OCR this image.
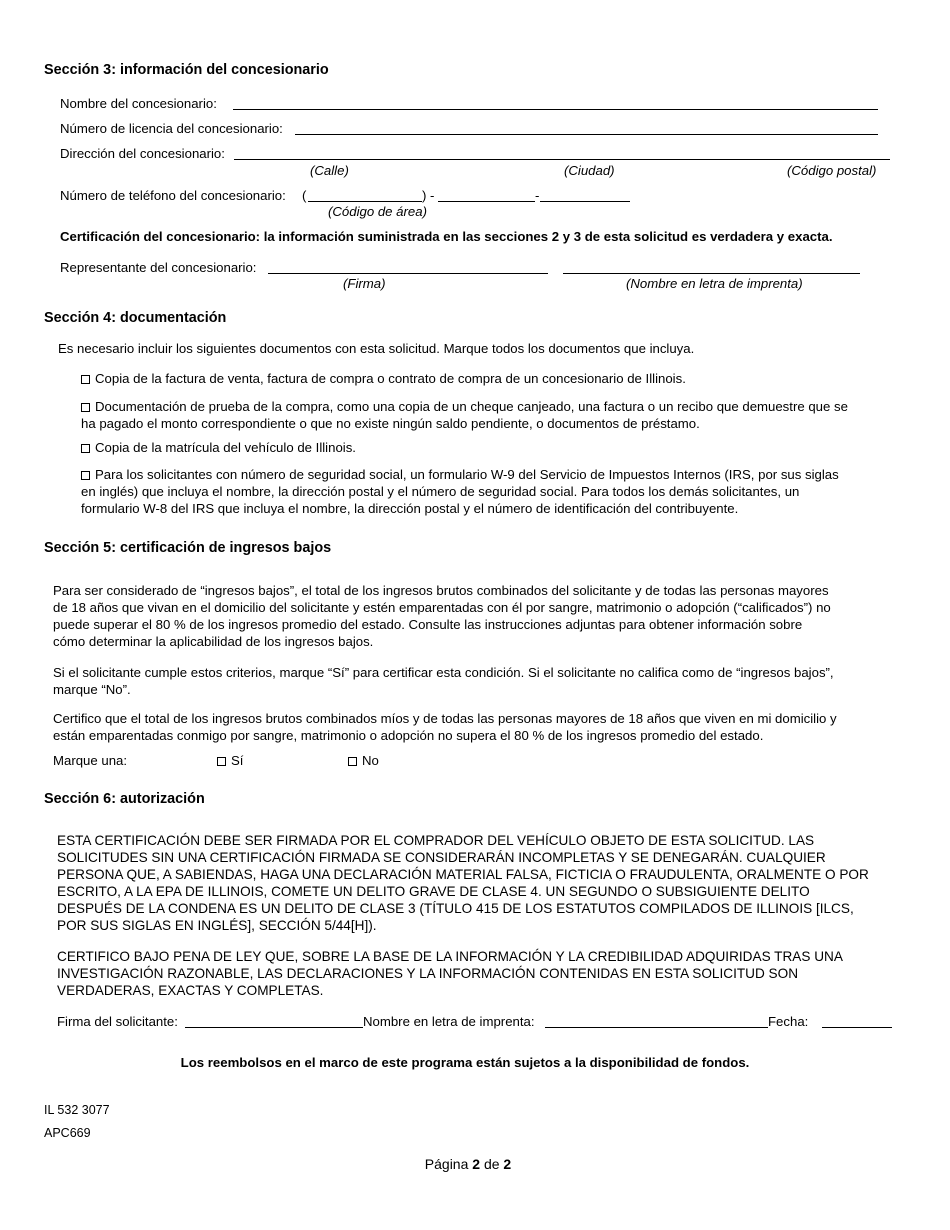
Sección 3: información del concesionario
Nombre del concesionario:
Número de licencia del concesionario:
Dirección del concesionario:
(Calle)	(Ciudad)	(Código postal)
Número de teléfono del concesionario: (	) -	-
(Código de área)
Certificación del concesionario: la información suministrada en las secciones 2 y 3 de esta solicitud es verdadera y exacta.
Representante del concesionario:
(Firma)	(Nombre en letra de imprenta)
Sección 4: documentación
Es necesario incluir los siguientes documentos con esta solicitud. Marque todos los documentos que incluya.
Copia de la factura de venta, factura de compra o contrato de compra de un concesionario de Illinois.
Documentación de prueba de la compra, como una copia de un cheque canjeado, una factura o un recibo que demuestre que se
ha pagado el monto correspondiente o que no existe ningún saldo pendiente, o documentos de préstamo.
Copia de la matrícula del vehículo de Illinois.
Para los solicitantes con número de seguridad social, un formulario W-9 del Servicio de Impuestos Internos (IRS, por sus siglas
en inglés) que incluya el nombre, la dirección postal y el número de seguridad social. Para todos los demás solicitantes, un
formulario W-8 del IRS que incluya el nombre, la dirección postal y el número de identificación del contribuyente.
Sección 5: certificación de ingresos bajos
Para ser considerado de “ingresos bajos”, el total de los ingresos brutos combinados del solicitante y de todas las personas mayores
de 18 años que vivan en el domicilio del solicitante y estén emparentadas con él por sangre, matrimonio o adopción (“calificados”) no
puede superar el 80 % de los ingresos promedio del estado. Consulte las instrucciones adjuntas para obtener información sobre
cómo determinar la aplicabilidad de los ingresos bajos.
Si el solicitante cumple estos criterios, marque “Sí” para certificar esta condición. Si el solicitante no califica como de “ingresos bajos”,
marque “No”.
Certifico que el total de los ingresos brutos combinados míos y de todas las personas mayores de 18 años que viven en mi domicilio y
están emparentadas conmigo por sangre, matrimonio o adopción no supera el 80 % de los ingresos promedio del estado.
Marque una:	Sí	No
Sección 6: autorización
ESTA CERTIFICACIÓN DEBE SER FIRMADA POR EL COMPRADOR DEL VEHÍCULO OBJETO DE ESTA SOLICITUD. LAS
SOLICITUDES SIN UNA CERTIFICACIÓN FIRMADA SE CONSIDERARÁN INCOMPLETAS Y SE DENEGARÁN. CUALQUIER
PERSONA QUE, A SABIENDAS, HAGA UNA DECLARACIÓN MATERIAL FALSA, FICTICIA O FRAUDULENTA, ORALMENTE O POR
ESCRITO, A LA EPA DE ILLINOIS, COMETE UN DELITO GRAVE DE CLASE 4. UN SEGUNDO O SUBSIGUIENTE DELITO
DESPUÉS DE LA CONDENA ES UN DELITO DE CLASE 3 (TÍTULO 415 DE LOS ESTATUTOS COMPILADOS DE ILLINOIS [ILCS,
POR SUS SIGLAS EN INGLÉS], SECCIÓN 5/44[H]).
CERTIFICO BAJO PENA DE LEY QUE, SOBRE LA BASE DE LA INFORMACIÓN Y LA CREDIBILIDAD ADQUIRIDAS TRAS UNA
INVESTIGACIÓN RAZONABLE, LAS DECLARACIONES Y LA INFORMACIÓN CONTENIDAS EN ESTA SOLICITUD SON
VERDADERAS, EXACTAS Y COMPLETAS.
Firma del solicitante:	Nombre en letra de imprenta:	Fecha:
Los reembolsos en el marco de este programa están sujetos a la disponibilidad de fondos.
IL 532 3077
APC669
Página 2 de 2
